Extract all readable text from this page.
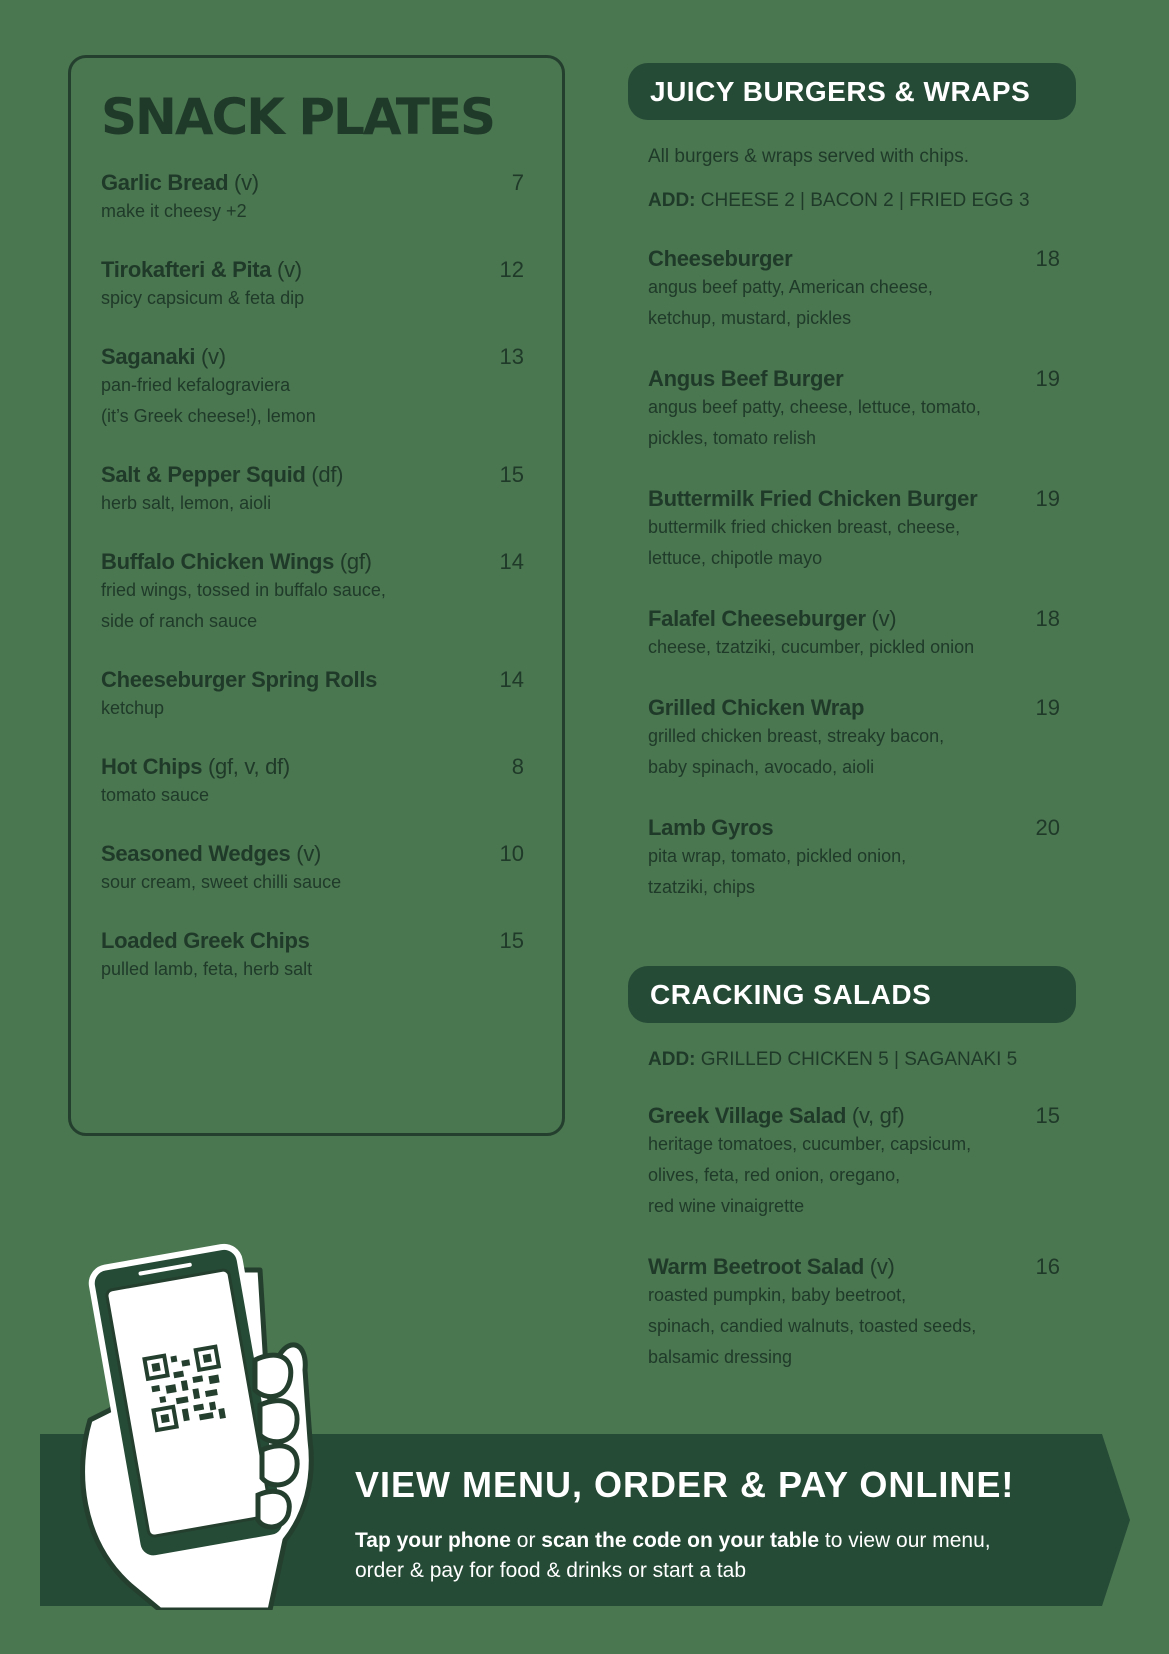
SNACK PLATES
Garlic Bread (v)	7
make it cheesy +2
Tirokafteri & Pita (v)	12
spicy capsicum & feta dip
Saganaki (v)	13
pan-fried kefalograviera
(it’s Greek cheese!), lemon
Salt & Pepper Squid (df)	15
herb salt, lemon, aioli
Buffalo Chicken Wings (gf)	14
fried wings, tossed in buffalo sauce,
side of ranch sauce
Cheeseburger Spring Rolls	14
ketchup
Hot Chips (gf, v, df)	8
tomato sauce
Seasoned Wedges (v)	10
sour cream, sweet chilli sauce
Loaded Greek Chips	15
pulled lamb, feta, herb salt
JUICY BURGERS & WRAPS
All burgers & wraps served with chips.
ADD: CHEESE 2 | BACON 2 | FRIED EGG 3
Cheeseburger	18
angus beef patty, American cheese,
ketchup, mustard, pickles
Angus Beef Burger	19
angus beef patty, cheese, lettuce, tomato,
pickles, tomato relish
Buttermilk Fried Chicken Burger	19
buttermilk fried chicken breast, cheese,
lettuce, chipotle mayo
Falafel Cheeseburger (v)	18
cheese, tzatziki, cucumber, pickled onion
Grilled Chicken Wrap	19
grilled chicken breast, streaky bacon,
baby spinach, avocado, aioli
Lamb Gyros	20
pita wrap, tomato, pickled onion,
tzatziki, chips
CRACKING SALADS
ADD: GRILLED CHICKEN 5 | SAGANAKI 5
Greek Village Salad (v, gf)	15
heritage tomatoes, cucumber, capsicum,
olives, feta, red onion, oregano,
red wine vinaigrette
Warm Beetroot Salad (v)	16
roasted pumpkin, baby beetroot,
spinach, candied walnuts, toasted seeds,
balsamic dressing
VIEW MENU, ORDER & PAY ONLINE!
Tap your phone or scan the code on your table to view our menu,
order & pay for food & drinks or start a tab
